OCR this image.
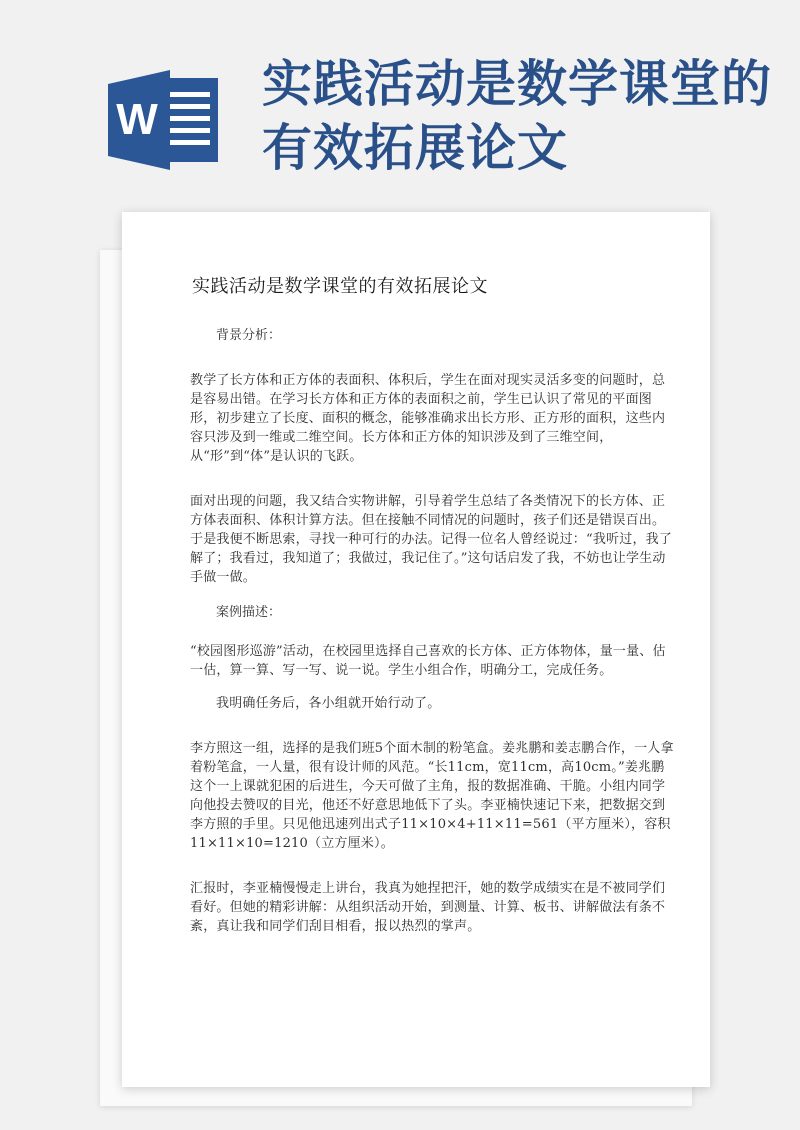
W
实践活动是数学课堂的
有效拓展论文
实践活动是数学课堂的有效拓展论文
背景分析：

教学了长方体和正方体的表面积、体积后，学生在面对现实灵活多变的问题时，总是容易出错。在学习长方体和正方体的表面积之前，学生已认识了常见的平面图形，初步建立了长度、面积的概念，能够准确求出长方形、正方形的面积，这些内容只涉及到一维或二维空间。长方体和正方体的知识涉及到了三维空间，从“形”到“体”是认识的飞跃。

面对出现的问题，我又结合实物讲解，引导着学生总结了各类情况下的长方体、正方体表面积、体积计算方法。但在接触不同情况的问题时，孩子们还是错误百出。于是我便不断思索，寻找一种可行的办法。记得一位名人曾经说过：“我听过，我了解了；我看过，我知道了；我做过，我记住了。”这句话启发了我，不妨也让学生动手做一做。

案例描述：

“校园图形巡游”活动，在校园里选择自己喜欢的长方体、正方体物体，量一量、估一估，算一算、写一写、说一说。学生小组合作，明确分工，完成任务。

我明确任务后，各小组就开始行动了。

李方照这一组，选择的是我们班5个面木制的粉笔盒。姜兆鹏和姜志鹏合作，一人拿着粉笔盒，一人量，很有设计师的风范。“长11cm，宽11cm，高10cm。”姜兆鹏这个一上课就犯困的后进生，今天可做了主角，报的数据准确、干脆。小组内同学向他投去赞叹的目光，他还不好意思地低下了头。李亚楠快速记下来，把数据交到李方照的手里。只见他迅速列出式子11×10×4+11×11=561（平方厘米），容积11×11×10=1210（立方厘米）。

汇报时，李亚楠慢慢走上讲台，我真为她捏把汗，她的数学成绩实在是不被同学们看好。但她的精彩讲解：从组织活动开始，到测量、计算、板书、讲解做法有条不紊，真让我和同学们刮目相看，报以热烈的掌声。
